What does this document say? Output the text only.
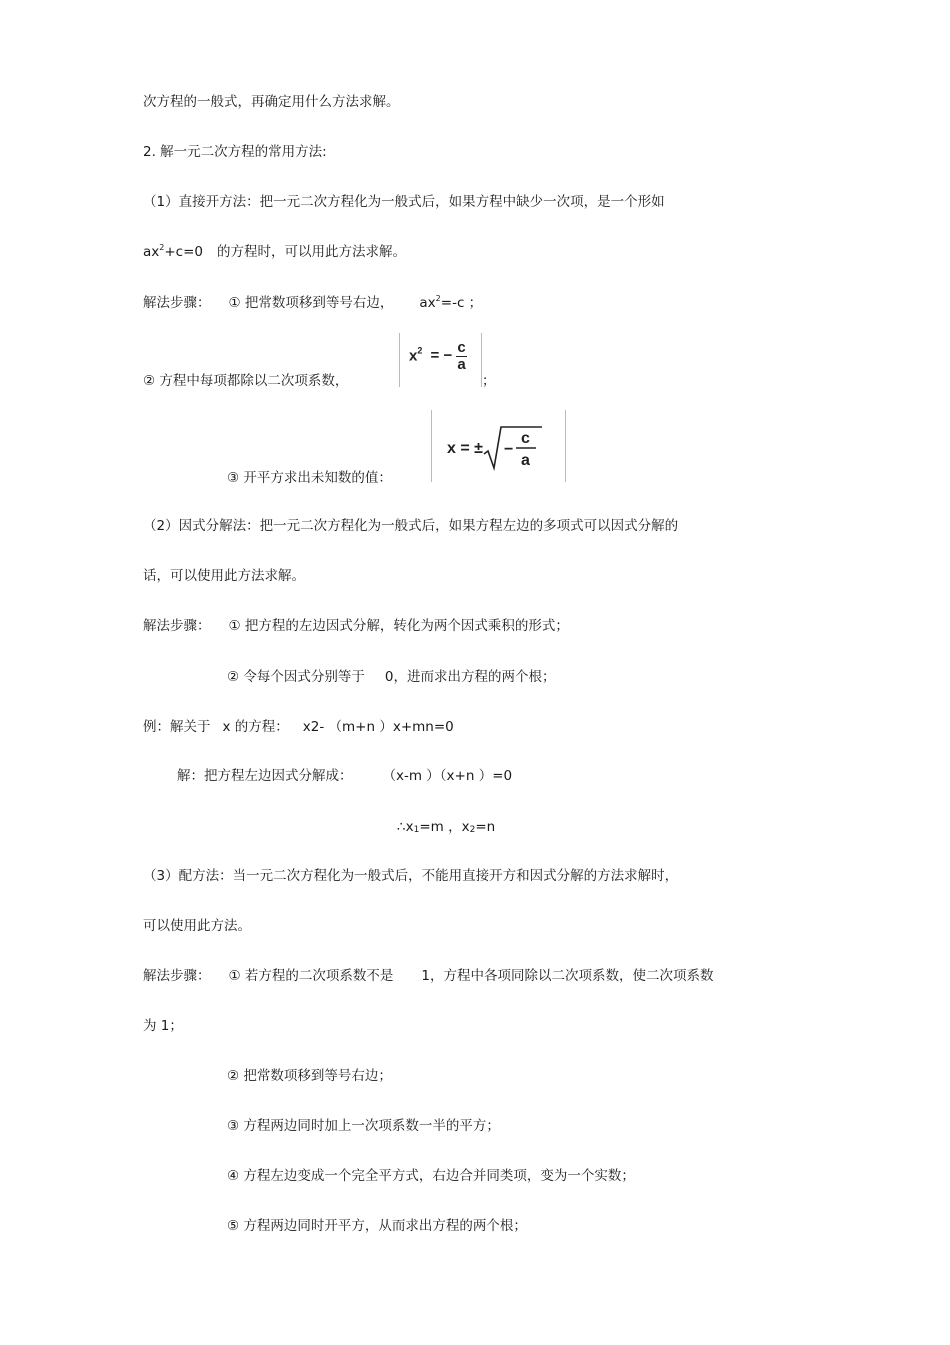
次方程的一般式，再确定用什么方法求解。
2. 解一元二次方程的常用方法:
（1）直接开方法：把一元二次方程化为一般式后，如果方程中缺少一次项，是一个形如
$ax^2+c=0$ 的方程时，可以用此方法求解。
解法步骤： ① 把常数项移到等号右边， $ax^2=-c$ ；
② 方程中每项都除以二次项系数，
$x^2$ = − $\frac{c}{a}$
；
x = ± −
c
a
③ 开平方求出未知数的值：
（2）因式分解法：把一元二次方程化为一般式后，如果方程左边的多项式可以因式分解的
话，可以使用此方法求解。
解法步骤： ① 把方程的左边因式分解，转化为两个因式乘积的形式；
② 令每个因式分别等于 0，进而求出方程的两个根；
例：解关于 x 的方程： x2- （m+n ）x+mn=0
解：把方程左边因式分解成： （x-m ）（x+n ）=0
$\therefore x_1=m$ ，$x_2=n$
（3）配方法：当一元二次方程化为一般式后，不能用直接开方和因式分解的方法求解时，
可以使用此方法。
解法步骤： ① 若方程的二次项系数不是 1，方程中各项同除以二次项系数，使二次项系数
为 1；
② 把常数项移到等号右边；
③ 方程两边同时加上一次项系数一半的平方；
④ 方程左边变成一个完全平方式，右边合并同类项，变为一个实数；
⑤ 方程两边同时开平方，从而求出方程的两个根；
